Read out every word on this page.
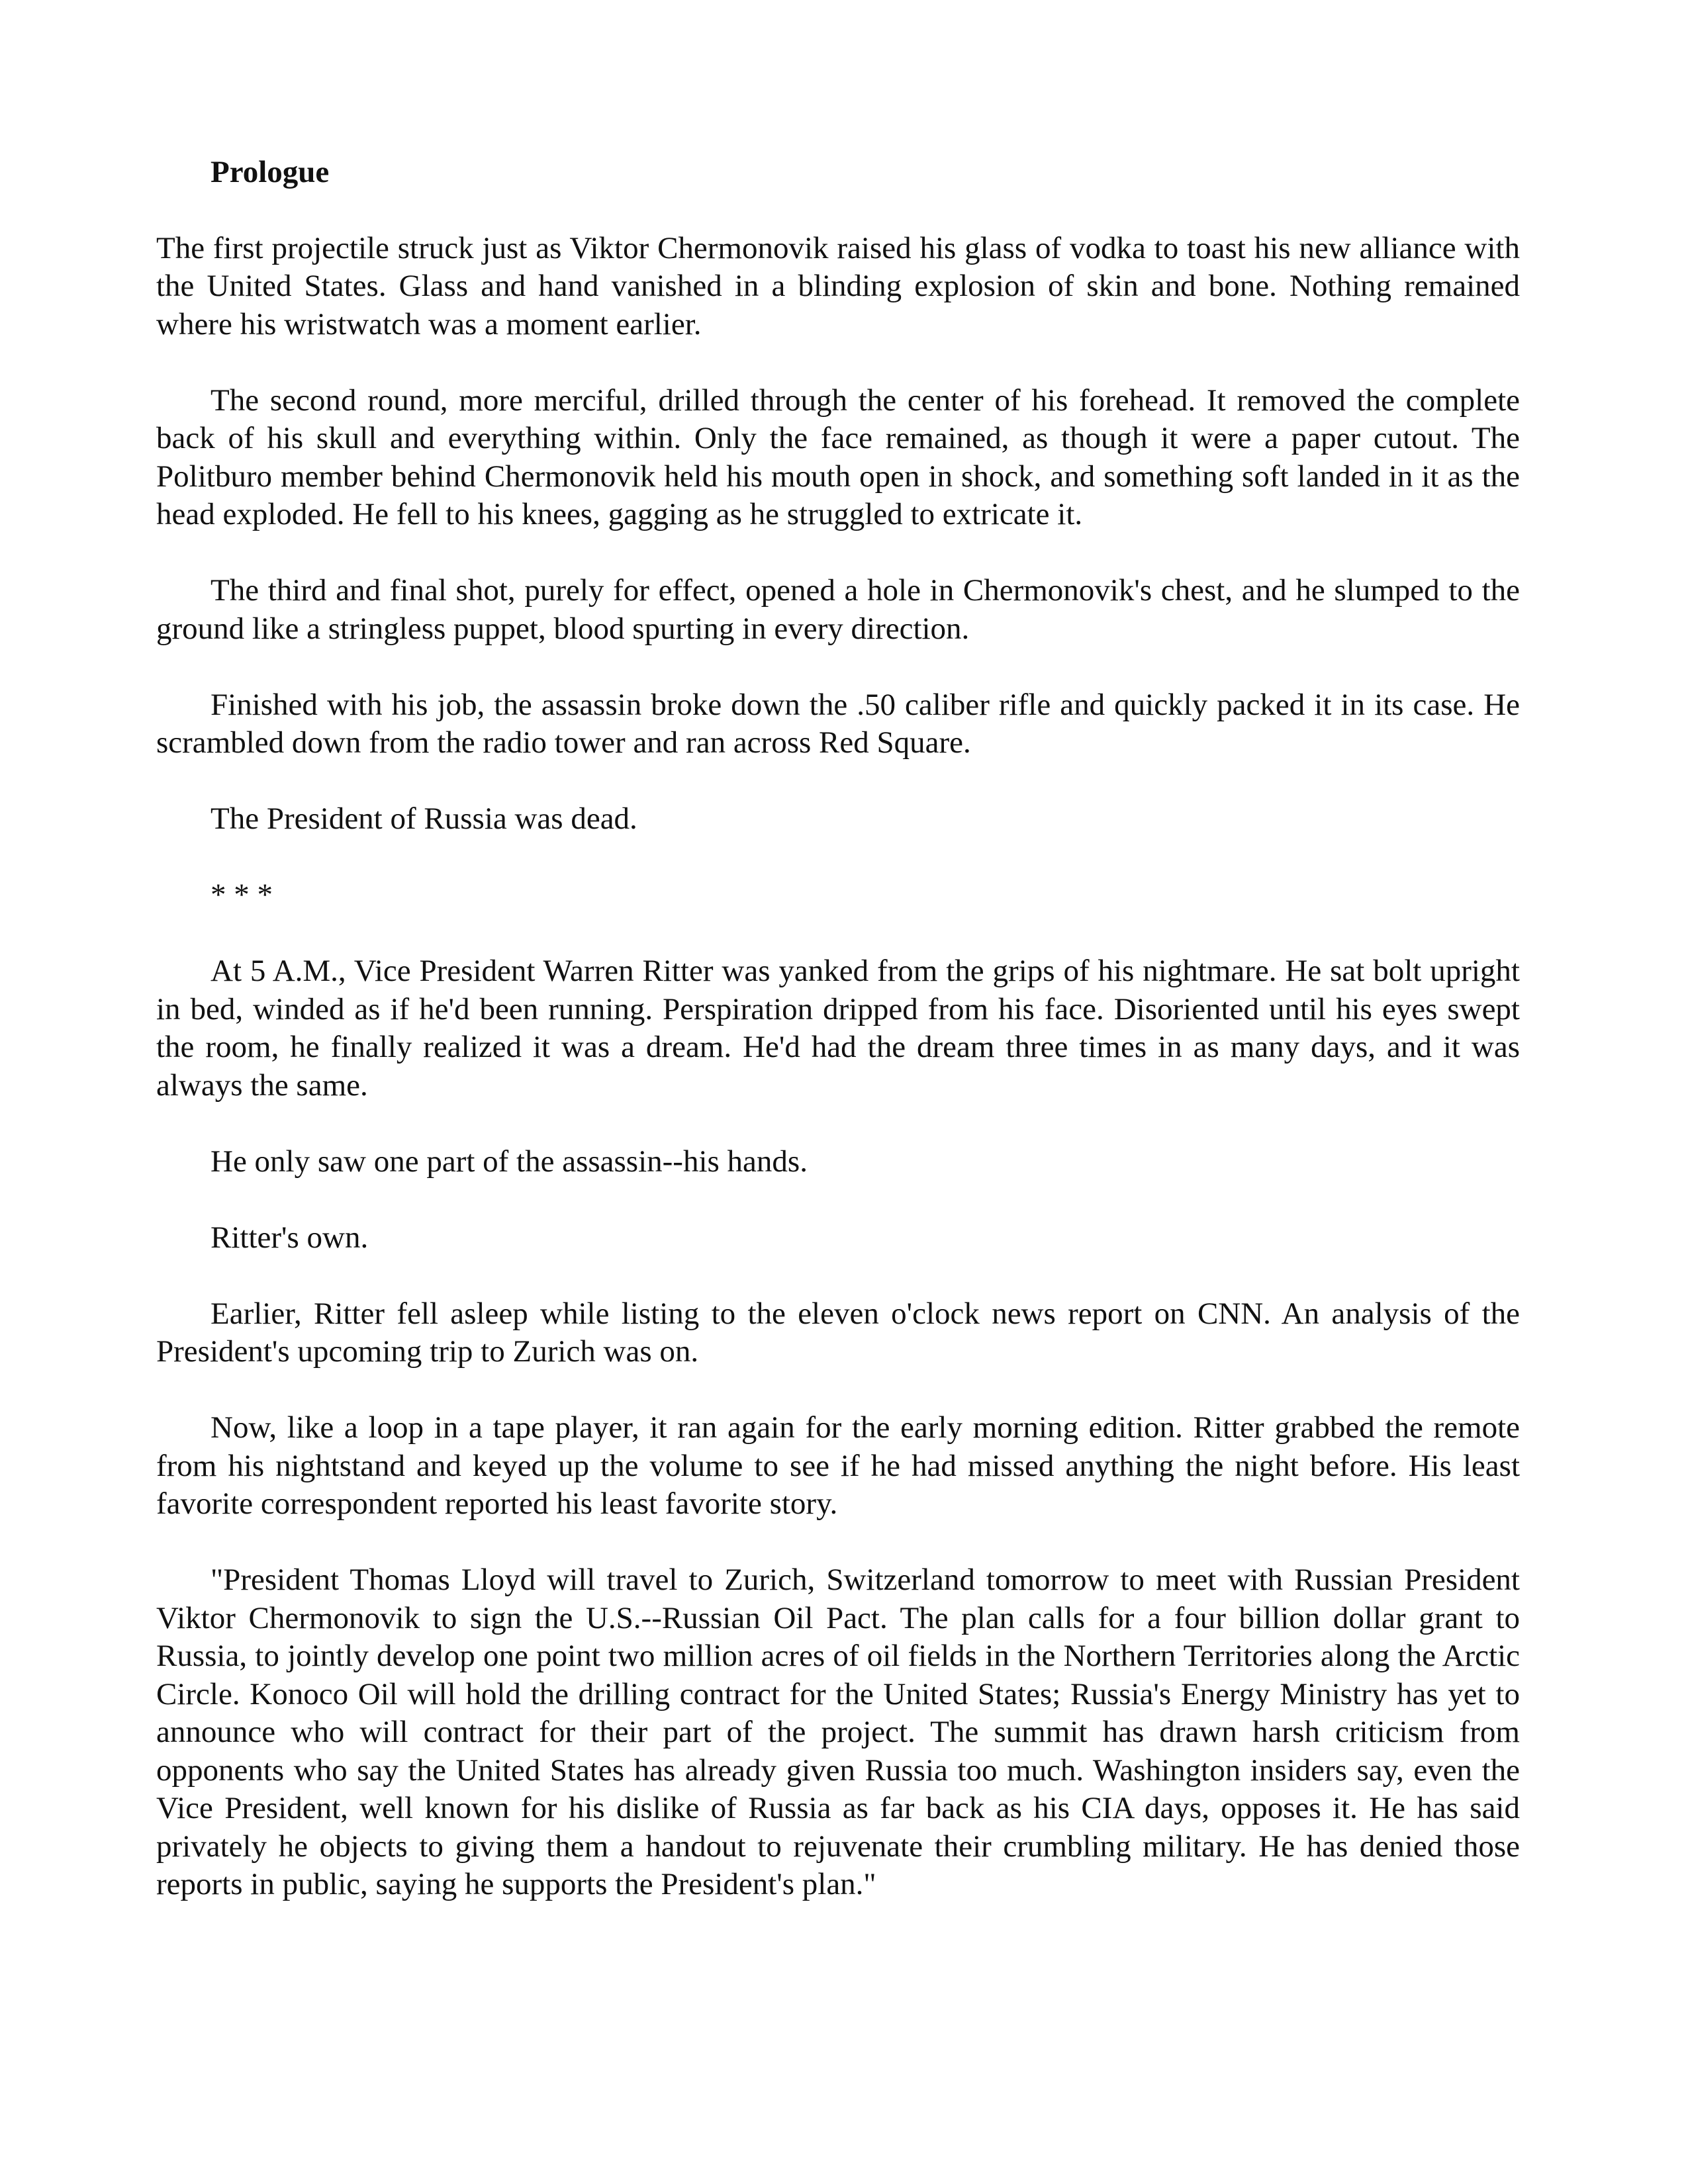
Prologue

The first projectile struck just as Viktor Chermonovik raised his glass of vodka to toast his new alliance with the United States. Glass and hand vanished in a blinding explosion of skin and bone. Nothing remained where his wristwatch was a moment earlier.

The second round, more merciful, drilled through the center of his forehead. It removed the complete back of his skull and everything within. Only the face remained, as though it were a paper cutout. The Politburo member behind Chermonovik held his mouth open in shock, and something soft landed in it as the head exploded. He fell to his knees, gagging as he struggled to extricate it.

The third and final shot, purely for effect, opened a hole in Chermonovik's chest, and he slumped to the ground like a stringless puppet, blood spurting in every direction.

Finished with his job, the assassin broke down the .50 caliber rifle and quickly packed it in its case. He scrambled down from the radio tower and ran across Red Square.

The President of Russia was dead.

* * *

At 5 A.M., Vice President Warren Ritter was yanked from the grips of his nightmare. He sat bolt upright in bed, winded as if he'd been running. Perspiration dripped from his face. Disoriented until his eyes swept the room, he finally realized it was a dream. He'd had the dream three times in as many days, and it was always the same.

He only saw one part of the assassin--his hands.

Ritter's own.

Earlier, Ritter fell asleep while listing to the eleven o'clock news report on CNN. An analysis of the President's upcoming trip to Zurich was on.

Now, like a loop in a tape player, it ran again for the early morning edition. Ritter grabbed the remote from his nightstand and keyed up the volume to see if he had missed anything the night before. His least favorite correspondent reported his least favorite story.

"President Thomas Lloyd will travel to Zurich, Switzerland tomorrow to meet with Russian President Viktor Chermonovik to sign the U.S.--Russian Oil Pact. The plan calls for a four billion dollar grant to Russia, to jointly develop one point two million acres of oil fields in the Northern Territories along the Arctic Circle. Konoco Oil will hold the drilling contract for the United States; Russia's Energy Ministry has yet to announce who will contract for their part of the project. The summit has drawn harsh criticism from opponents who say the United States has already given Russia too much. Washington insiders say, even the Vice President, well known for his dislike of Russia as far back as his CIA days, opposes it. He has said privately he objects to giving them a handout to rejuvenate their crumbling military. He has denied those reports in public, saying he supports the President's plan."
